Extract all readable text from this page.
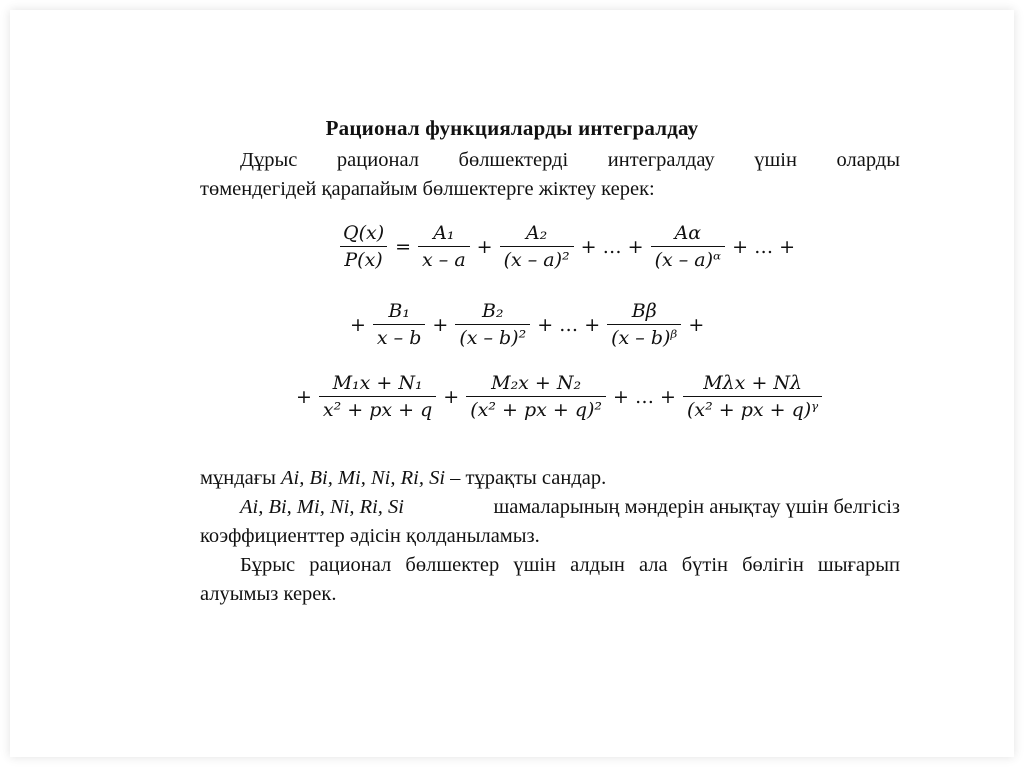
Рационал функцияларды интегралдау
Дұрыс рационал бөлшектерді интегралдау үшін оларды
төмендегідей қарапайым бөлшектерге жіктеу керек:
$\frac{Q(x)}{P(x)} = \frac{\text{A₁}}{x - a} + \frac{\text{A₂}}{\text{(x – a)²}}$ + … + $\frac{A\alpha}{\text{(x – a)ᵅ}}$ + … +
+ $\frac{\text{B₁}}{x - b} + \frac{\text{B₂}}{\text{(x – b)²}}$ + … + $\frac{B\beta}{\text{(x – b)ᵝ}}$ +
+ $\frac{\text{M₁x + N₁}}{\text{x² + px + q}} + \frac{\text{M₂x + N₂}}{\text{(x² + px + q)²}}$ + … + $\frac{\text{Mλx + Nλ}}{\text{(x² + px + q)ᵞ}}$
мұндағы Ai, Bi, Mi, Ni, Ri, Si – тұрақты сандар.
Ai, Bi, Mi, Ni, Ri, Si	шамаларының мәндерін анықтау үшін белгісіз
коэффициенттер әдісін қолданыламыз.
Бұрыс рационал бөлшектер үшін алдын ала бүтін бөлігін шығарып
алуымыз керек.
